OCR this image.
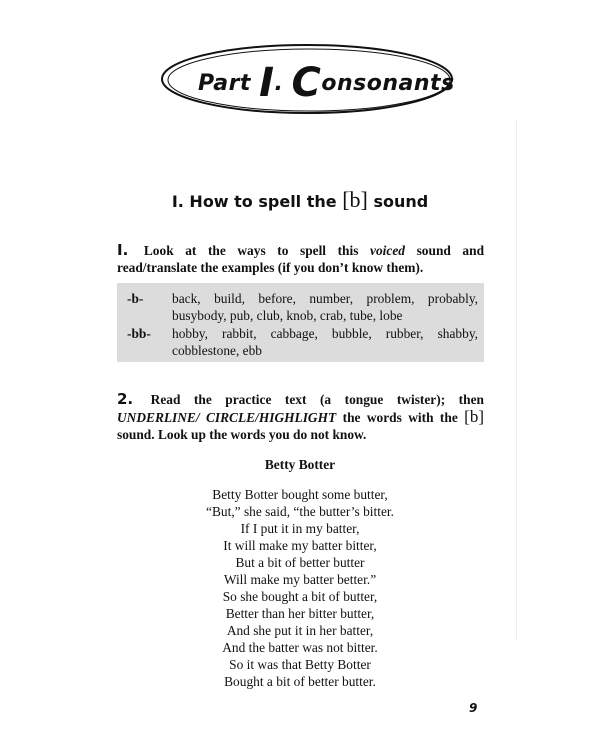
Part I. Consonants
I. How to spell the [b] sound
I. Look at the ways to spell this voiced sound and read/translate the examples (if you don’t know them).
-b- back, build, before, number, problem, probably, busybody, pub, club, knob, crab, tube, lobe
-bb- hobby, rabbit, cabbage, bubble, rubber, shabby, cobblestone, ebb
2. Read the practice text (a tongue twister); then UNDERLINE/ CIRCLE/HIGHLIGHT the words with the [b] sound. Look up the words you do not know.
Betty Botter
Betty Botter bought some butter,
“But,” she said, “the butter’s bitter.
If I put it in my batter,
It will make my batter bitter,
But a bit of better butter
Will make my batter better.”
So she bought a bit of butter,
Better than her bitter butter,
And she put it in her batter,
And the batter was not bitter.
So it was that Betty Botter
Bought a bit of better butter.
9
